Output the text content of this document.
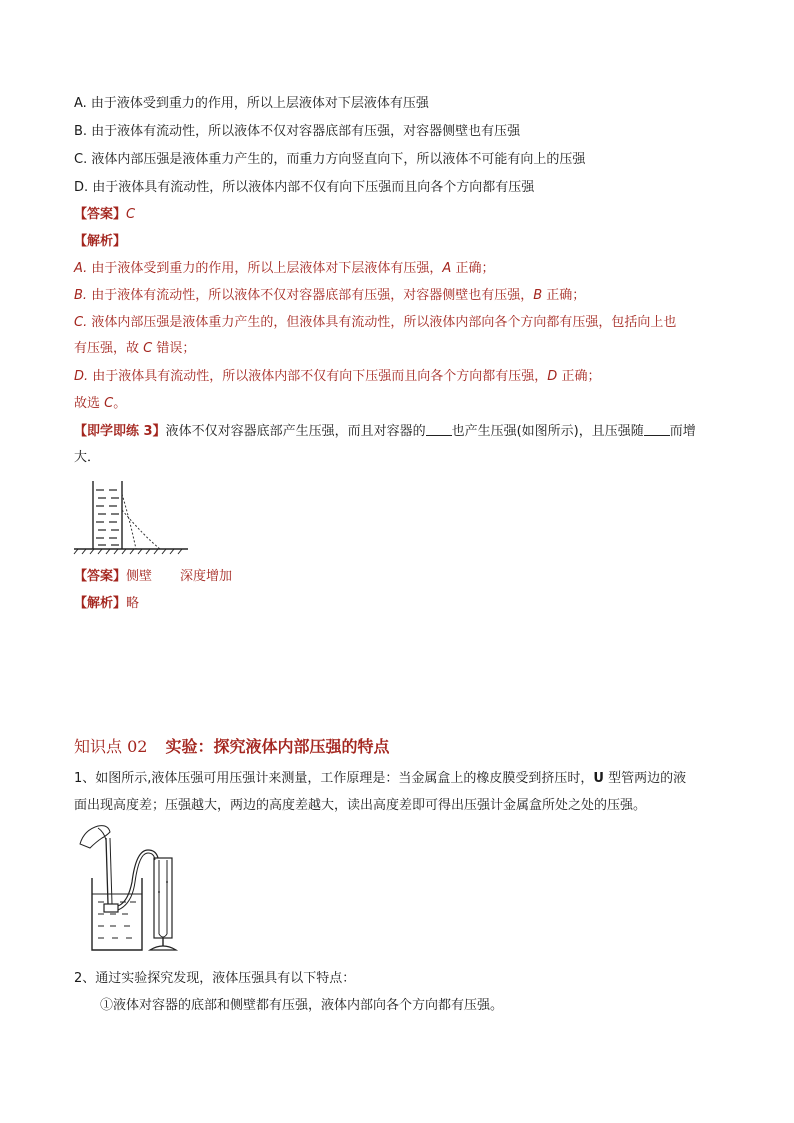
A. 由于液体受到重力的作用，所以上层液体对下层液体有压强
B. 由于液体有流动性，所以液体不仅对容器底部有压强，对容器侧壁也有压强
C. 液体内部压强是液体重力产生的，而重力方向竖直向下，所以液体不可能有向上的压强
D. 由于液体具有流动性，所以液体内部不仅有向下压强而且向各个方向都有压强
【答案】C
【解析】
A. 由于液体受到重力的作用，所以上层液体对下层液体有压强，A 正确；
B. 由于液体有流动性，所以液体不仅对容器底部有压强，对容器侧壁也有压强，B 正确；
C. 液体内部压强是液体重力产生的，但液体具有流动性，所以液体内部向各个方向都有压强，包括向上也
有压强，故 C 错误；
D. 由于液体具有流动性，所以液体内部不仅有向下压强而且向各个方向都有压强，D 正确；
故选 C。
【即学即练 3】液体不仅对容器底部产生压强，而且对容器的 也产生压强(如图所示)，且压强随 而增
大．
【答案】侧壁 深度增加
【解析】略
知识点 02 实验：探究液体内部压强的特点
1、如图所示,液体压强可用压强计来测量，工作原理是：当金属盒上的橡皮膜受到挤压时，U 型管两边的液
面出现高度差；压强越大，两边的高度差越大，读出高度差即可得出压强计金属盒所处之处的压强。
2、通过实验探究发现，液体压强具有以下特点：
①液体对容器的底部和侧壁都有压强，液体内部向各个方向都有压强。
